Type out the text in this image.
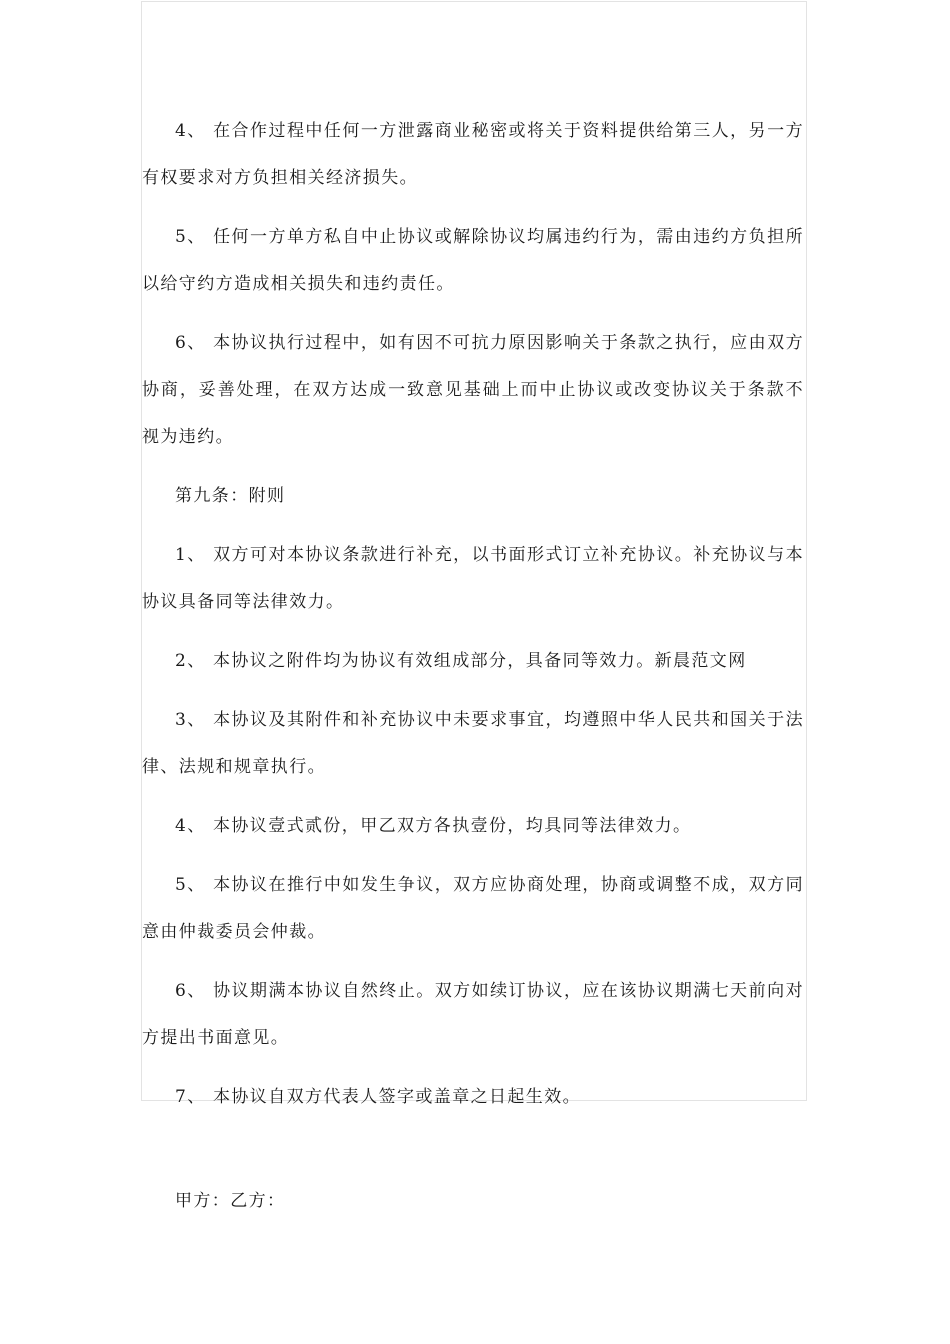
4、 在合作过程中任何一方泄露商业秘密或将关于资料提供给第三人，另一方有权要求对方负担相关经济损失。

5、 任何一方单方私自中止协议或解除协议均属违约行为，需由违约方负担所以给守约方造成相关损失和违约责任。

6、 本协议执行过程中，如有因不可抗力原因影响关于条款之执行，应由双方协商，妥善处理，在双方达成一致意见基础上而中止协议或改变协议关于条款不视为违约。

第九条：附则

1、 双方可对本协议条款进行补充，以书面形式订立补充协议。补充协议与本协议具备同等法律效力。

2、 本协议之附件均为协议有效组成部分，具备同等效力。新晨范文网

3、 本协议及其附件和补充协议中未要求事宜，均遵照中华人民共和国关于法律、法规和规章执行。

4、 本协议壹式贰份，甲乙双方各执壹份，均具同等法律效力。

5、 本协议在推行中如发生争议，双方应协商处理，协商或调整不成，双方同意由仲裁委员会仲裁。

6、 协议期满本协议自然终止。双方如续订协议，应在该协议期满七天前向对方提出书面意见。

7、 本协议自双方代表人签字或盖章之日起生效。

甲方：乙方：
